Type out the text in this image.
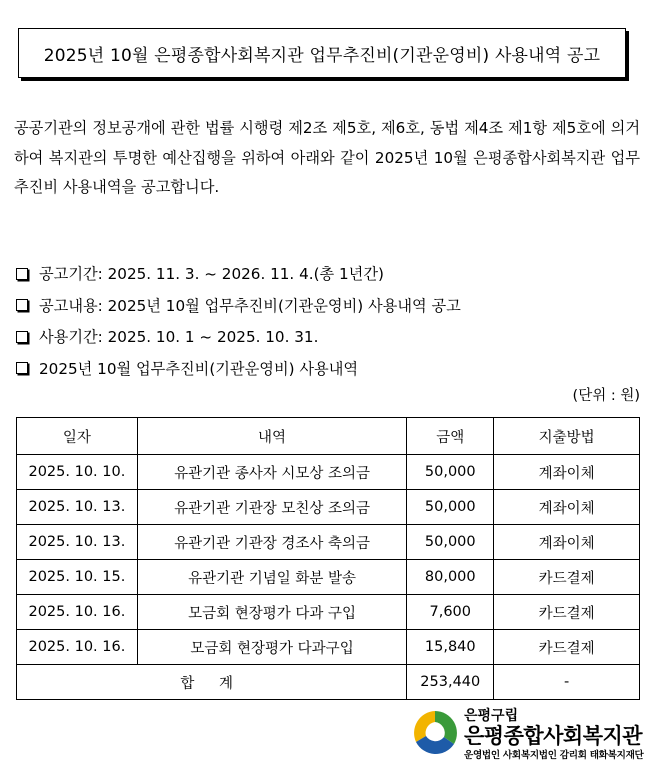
2025년 10월 은평종합사회복지관 업무추진비(기관운영비) 사용내역 공고
공공기관의 정보공개에 관한 법률 시행령 제2조 제5호, 제6호, 동법 제4조 제1항 제5호에 의거하여 복지관의 투명한 예산집행을 위하여 아래와 같이 2025년 10월 은평종합사회복지관 업무추진비 사용내역을 공고합니다.
공고기간: 2025. 11. 3. ~ 2026. 11. 4.(총 1년간)
공고내용: 2025년 10월 업무추진비(기관운영비) 사용내역 공고
사용기간: 2025. 10. 1 ~ 2025. 10. 31.
2025년 10월 업무추진비(기관운영비) 사용내역
(단위 : 원)
일자	내역	금액	지출방법
2025. 10. 10.	유관기관 종사자 시모상 조의금	50,000	계좌이체
2025. 10. 13.	유관기관 기관장 모친상 조의금	50,000	계좌이체
2025. 10. 13.	유관기관 기관장 경조사 축의금	50,000	계좌이체
2025. 10. 15.	유관기관 기념일 화분 발송	80,000	카드결제
2025. 10. 16.	모금회 현장평가 다과 구입	7,600	카드결제
2025. 10. 16.	모금회 현장평가 다과구입	15,840	카드결제
합 계		253,440	-
은평구립
은평종합사회복지관
운영법인 사회복지법인 감리회 태화복지재단
